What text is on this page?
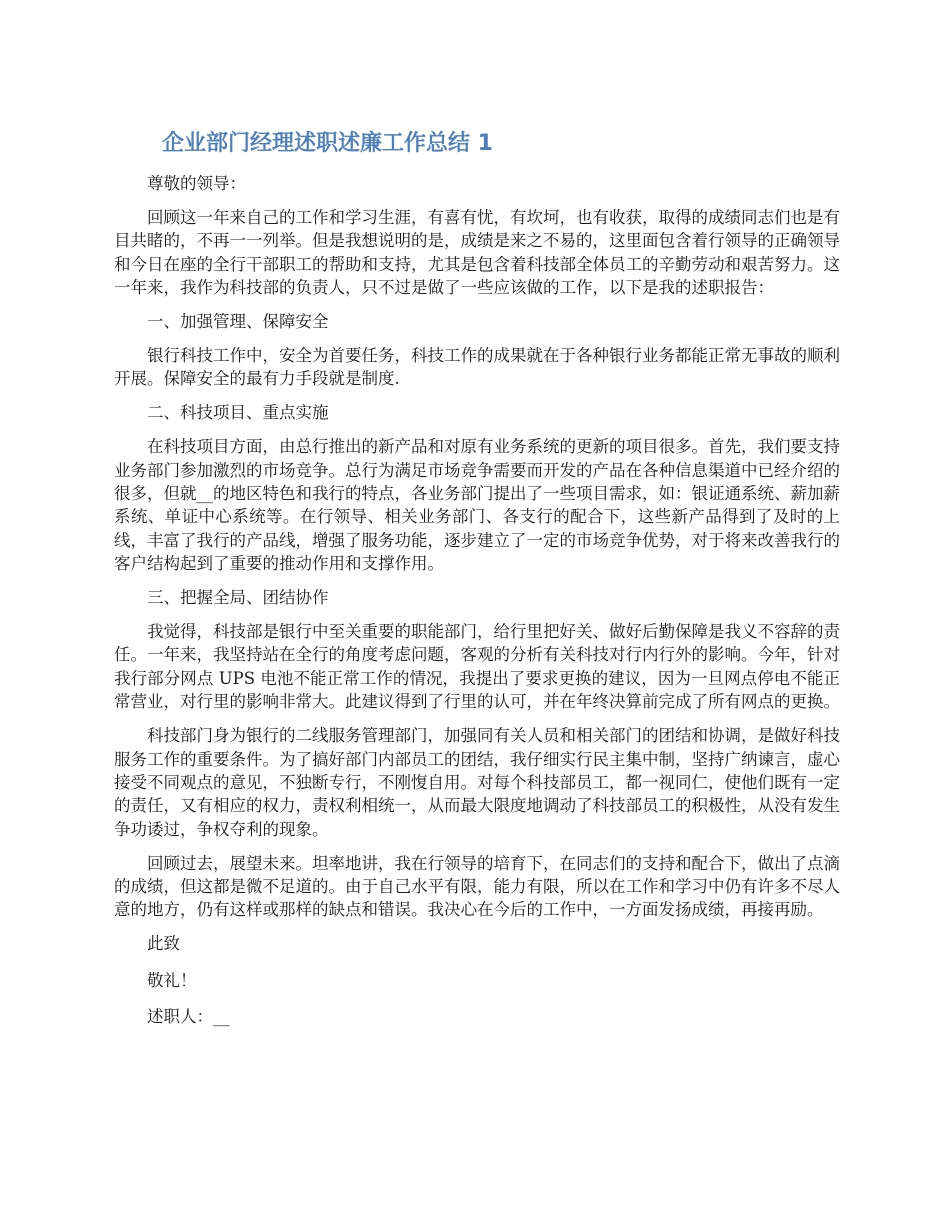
企业部门经理述职述廉工作总结 1

尊敬的领导：

回顾这一年来自己的工作和学习生涯，有喜有忧，有坎坷，也有收获，取得的成绩同志们也是有目共睹的，不再一一列举。但是我想说明的是，成绩是来之不易的，这里面包含着行领导的正确领导和今日在座的全行干部职工的帮助和支持，尤其是包含着科技部全体员工的辛勤劳动和艰苦努力。这一年来，我作为科技部的负责人，只不过是做了一些应该做的工作，以下是我的述职报告：

一、加强管理、保障安全

银行科技工作中，安全为首要任务，科技工作的成果就在于各种银行业务都能正常无事故的顺利开展。保障安全的最有力手段就是制度.

二、科技项目、重点实施

在科技项目方面，由总行推出的新产品和对原有业务系统的更新的项目很多。首先，我们要支持业务部门参加激烈的市场竞争。总行为满足市场竞争需要而开发的产品在各种信息渠道中已经介绍的很多，但就__的地区特色和我行的特点，各业务部门提出了一些项目需求，如：银证通系统、薪加薪系统、单证中心系统等。在行领导、相关业务部门、各支行的配合下，这些新产品得到了及时的上线，丰富了我行的产品线，增强了服务功能，逐步建立了一定的市场竞争优势，对于将来改善我行的客户结构起到了重要的推动作用和支撑作用。

三、把握全局、团结协作

我觉得，科技部是银行中至关重要的职能部门，给行里把好关、做好后勤保障是我义不容辞的责任。一年来，我坚持站在全行的角度考虑问题，客观的分析有关科技对行内行外的影响。今年，针对我行部分网点 UPS 电池不能正常工作的情况，我提出了要求更换的建议，因为一旦网点停电不能正常营业，对行里的影响非常大。此建议得到了行里的认可，并在年终决算前完成了所有网点的更换。

科技部门身为银行的二线服务管理部门，加强同有关人员和相关部门的团结和协调，是做好科技服务工作的重要条件。为了搞好部门内部员工的团结，我仔细实行民主集中制，坚持广纳谏言，虚心接受不同观点的意见，不独断专行，不刚愎自用。对每个科技部员工，都一视同仁，使他们既有一定的责任，又有相应的权力，责权利相统一，从而最大限度地调动了科技部员工的积极性，从没有发生争功诿过，争权夺利的现象。

回顾过去，展望未来。坦率地讲，我在行领导的培育下，在同志们的支持和配合下，做出了点滴的成绩，但这都是微不足道的。由于自己水平有限，能力有限，所以在工作和学习中仍有许多不尽人意的地方，仍有这样或那样的缺点和错误。我决心在今后的工作中，一方面发扬成绩，再接再励。

此致

敬礼！

述职人：__
